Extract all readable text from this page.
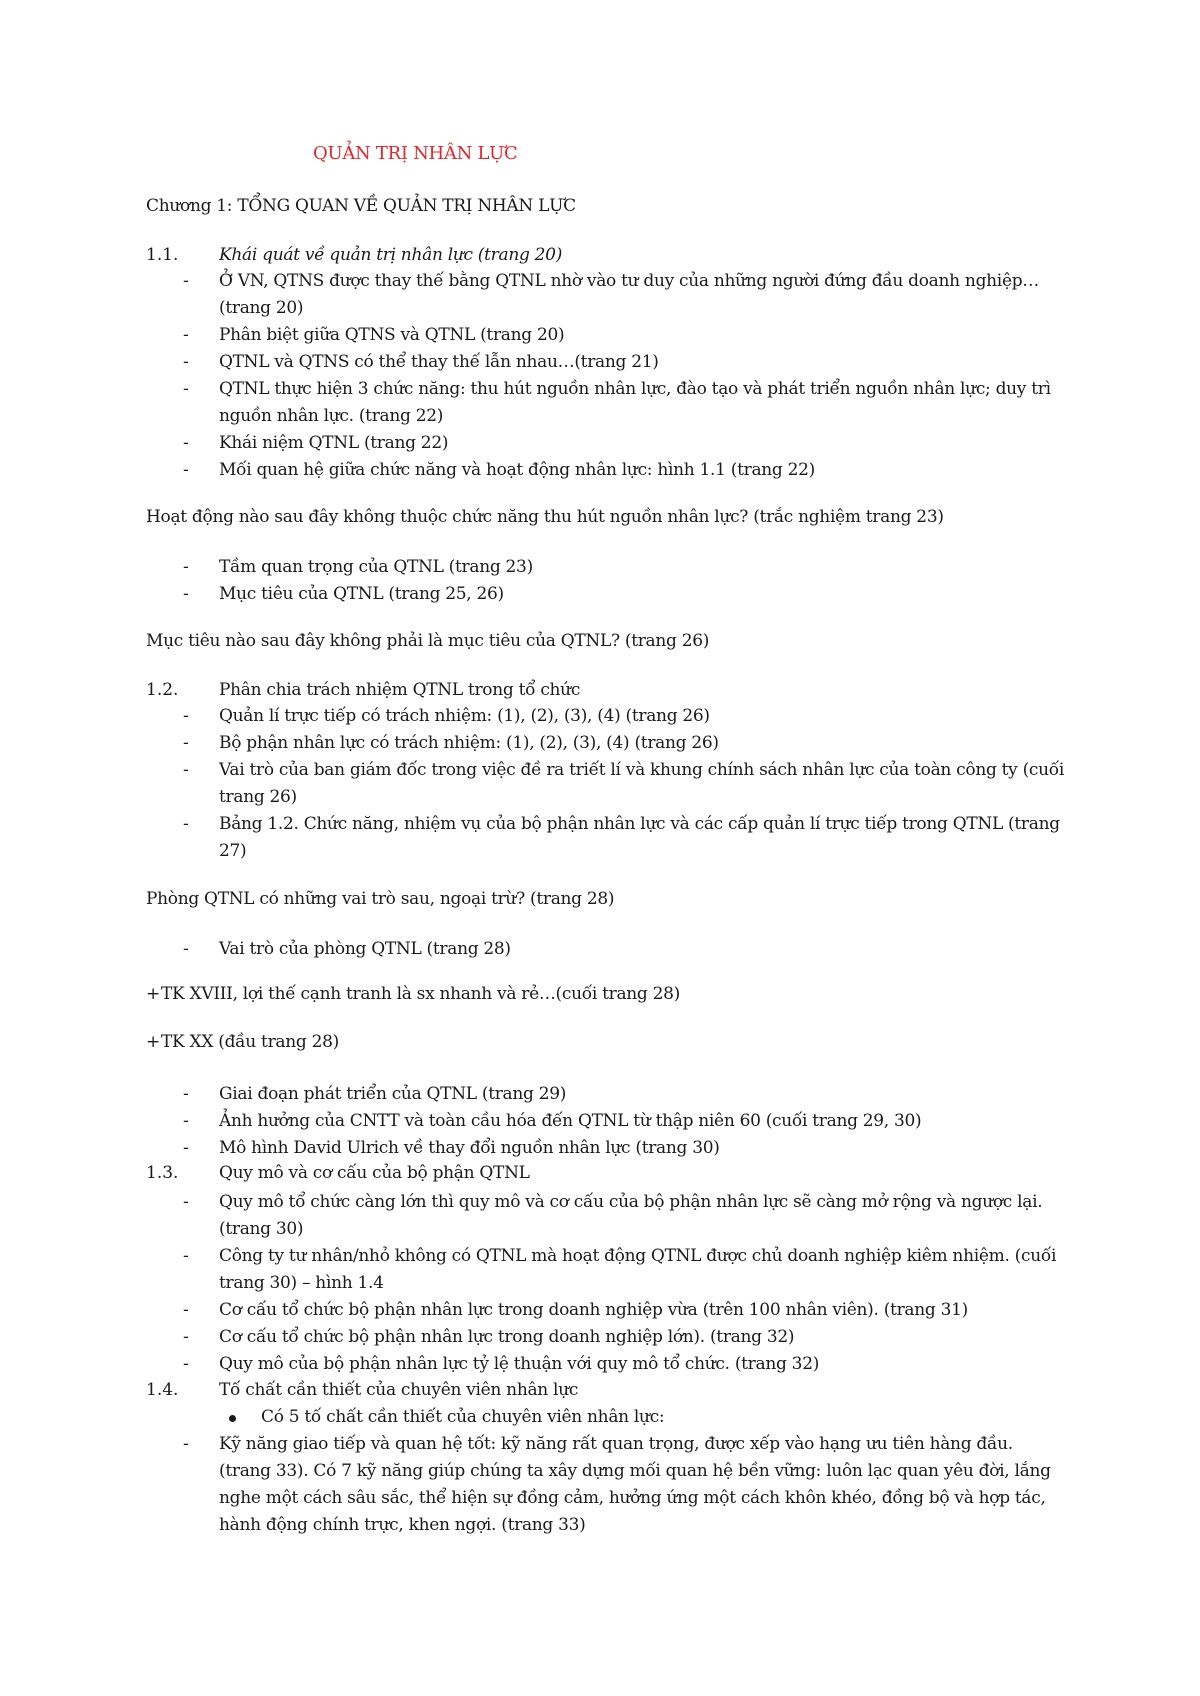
QUẢN TRỊ NHÂN LỰC
Chương 1: TỔNG QUAN VỀ QUẢN TRỊ NHÂN LỰC
1.1. Khái quát về quản trị nhân lực (trang 20)
- Ở VN, QTNS được thay thế bằng QTNL nhờ vào tư duy của những người đứng đầu doanh nghiệp…(trang 20)
- Phân biệt giữa QTNS và QTNL (trang 20)
- QTNL và QTNS có thể thay thế lẫn nhau…(trang 21)
- QTNL thực hiện 3 chức năng: thu hút nguồn nhân lực, đào tạo và phát triển nguồn nhân lực; duy trì nguồn nhân lực. (trang 22)
- Khái niệm QTNL (trang 22)
- Mối quan hệ giữa chức năng và hoạt động nhân lực: hình 1.1 (trang 22)
Hoạt động nào sau đây không thuộc chức năng thu hút nguồn nhân lực? (trắc nghiệm trang 23)
- Tầm quan trọng của QTNL (trang 23)
- Mục tiêu của QTNL (trang 25, 26)
Mục tiêu nào sau đây không phải là mục tiêu của QTNL? (trang 26)
1.2. Phân chia trách nhiệm QTNL trong tổ chức
- Quản lí trực tiếp có trách nhiệm: (1), (2), (3), (4) (trang 26)
- Bộ phận nhân lực có trách nhiệm: (1), (2), (3), (4) (trang 26)
- Vai trò của ban giám đốc trong việc đề ra triết lí và khung chính sách nhân lực của toàn công ty (cuối trang 26)
- Bảng 1.2. Chức năng, nhiệm vụ của bộ phận nhân lực và các cấp quản lí trực tiếp trong QTNL (trang 27)
Phòng QTNL có những vai trò sau, ngoại trừ? (trang 28)
- Vai trò của phòng QTNL (trang 28)
+ TK XVIII, lợi thế cạnh tranh là sx nhanh và rẻ…(cuối trang 28)
+ TK XX (đầu trang 28)
- Giai đoạn phát triển của QTNL (trang 29)
- Ảnh hưởng của CNTT và toàn cầu hóa đến QTNL từ thập niên 60 (cuối trang 29, 30)
- Mô hình David Ulrich về thay đổi nguồn nhân lực (trang 30)
1.3. Quy mô và cơ cấu của bộ phận QTNL
- Quy mô tổ chức càng lớn thì quy mô và cơ cấu của bộ phận nhân lực sẽ càng mở rộng và ngược lại.(trang 30)
- Công ty tư nhân/nhỏ không có QTNL mà hoạt động QTNL được chủ doanh nghiệp kiêm nhiệm. (cuối trang 30) – hình 1.4
- Cơ cấu tổ chức bộ phận nhân lực trong doanh nghiệp vừa (trên 100 nhân viên). (trang 31)
- Cơ cấu tổ chức bộ phận nhân lực trong doanh nghiệp lớn). (trang 32)
- Quy mô của bộ phận nhân lực tỷ lệ thuận với quy mô tổ chức. (trang 32)
1.4. Tố chất cần thiết của chuyên viên nhân lực
Có 5 tố chất cần thiết của chuyên viên nhân lực:
- Kỹ năng giao tiếp và quan hệ tốt: kỹ năng rất quan trọng, được xếp vào hạng ưu tiên hàng đầu. (trang 33). Có 7 kỹ năng giúp chúng ta xây dựng mối quan hệ bền vững: luôn lạc quan yêu đời, lắng nghe một cách sâu sắc, thể hiện sự đồng cảm, hưởng ứng một cách khôn khéo, đồng bộ và hợp tác, hành động chính trực, khen ngợi. (trang 33)
